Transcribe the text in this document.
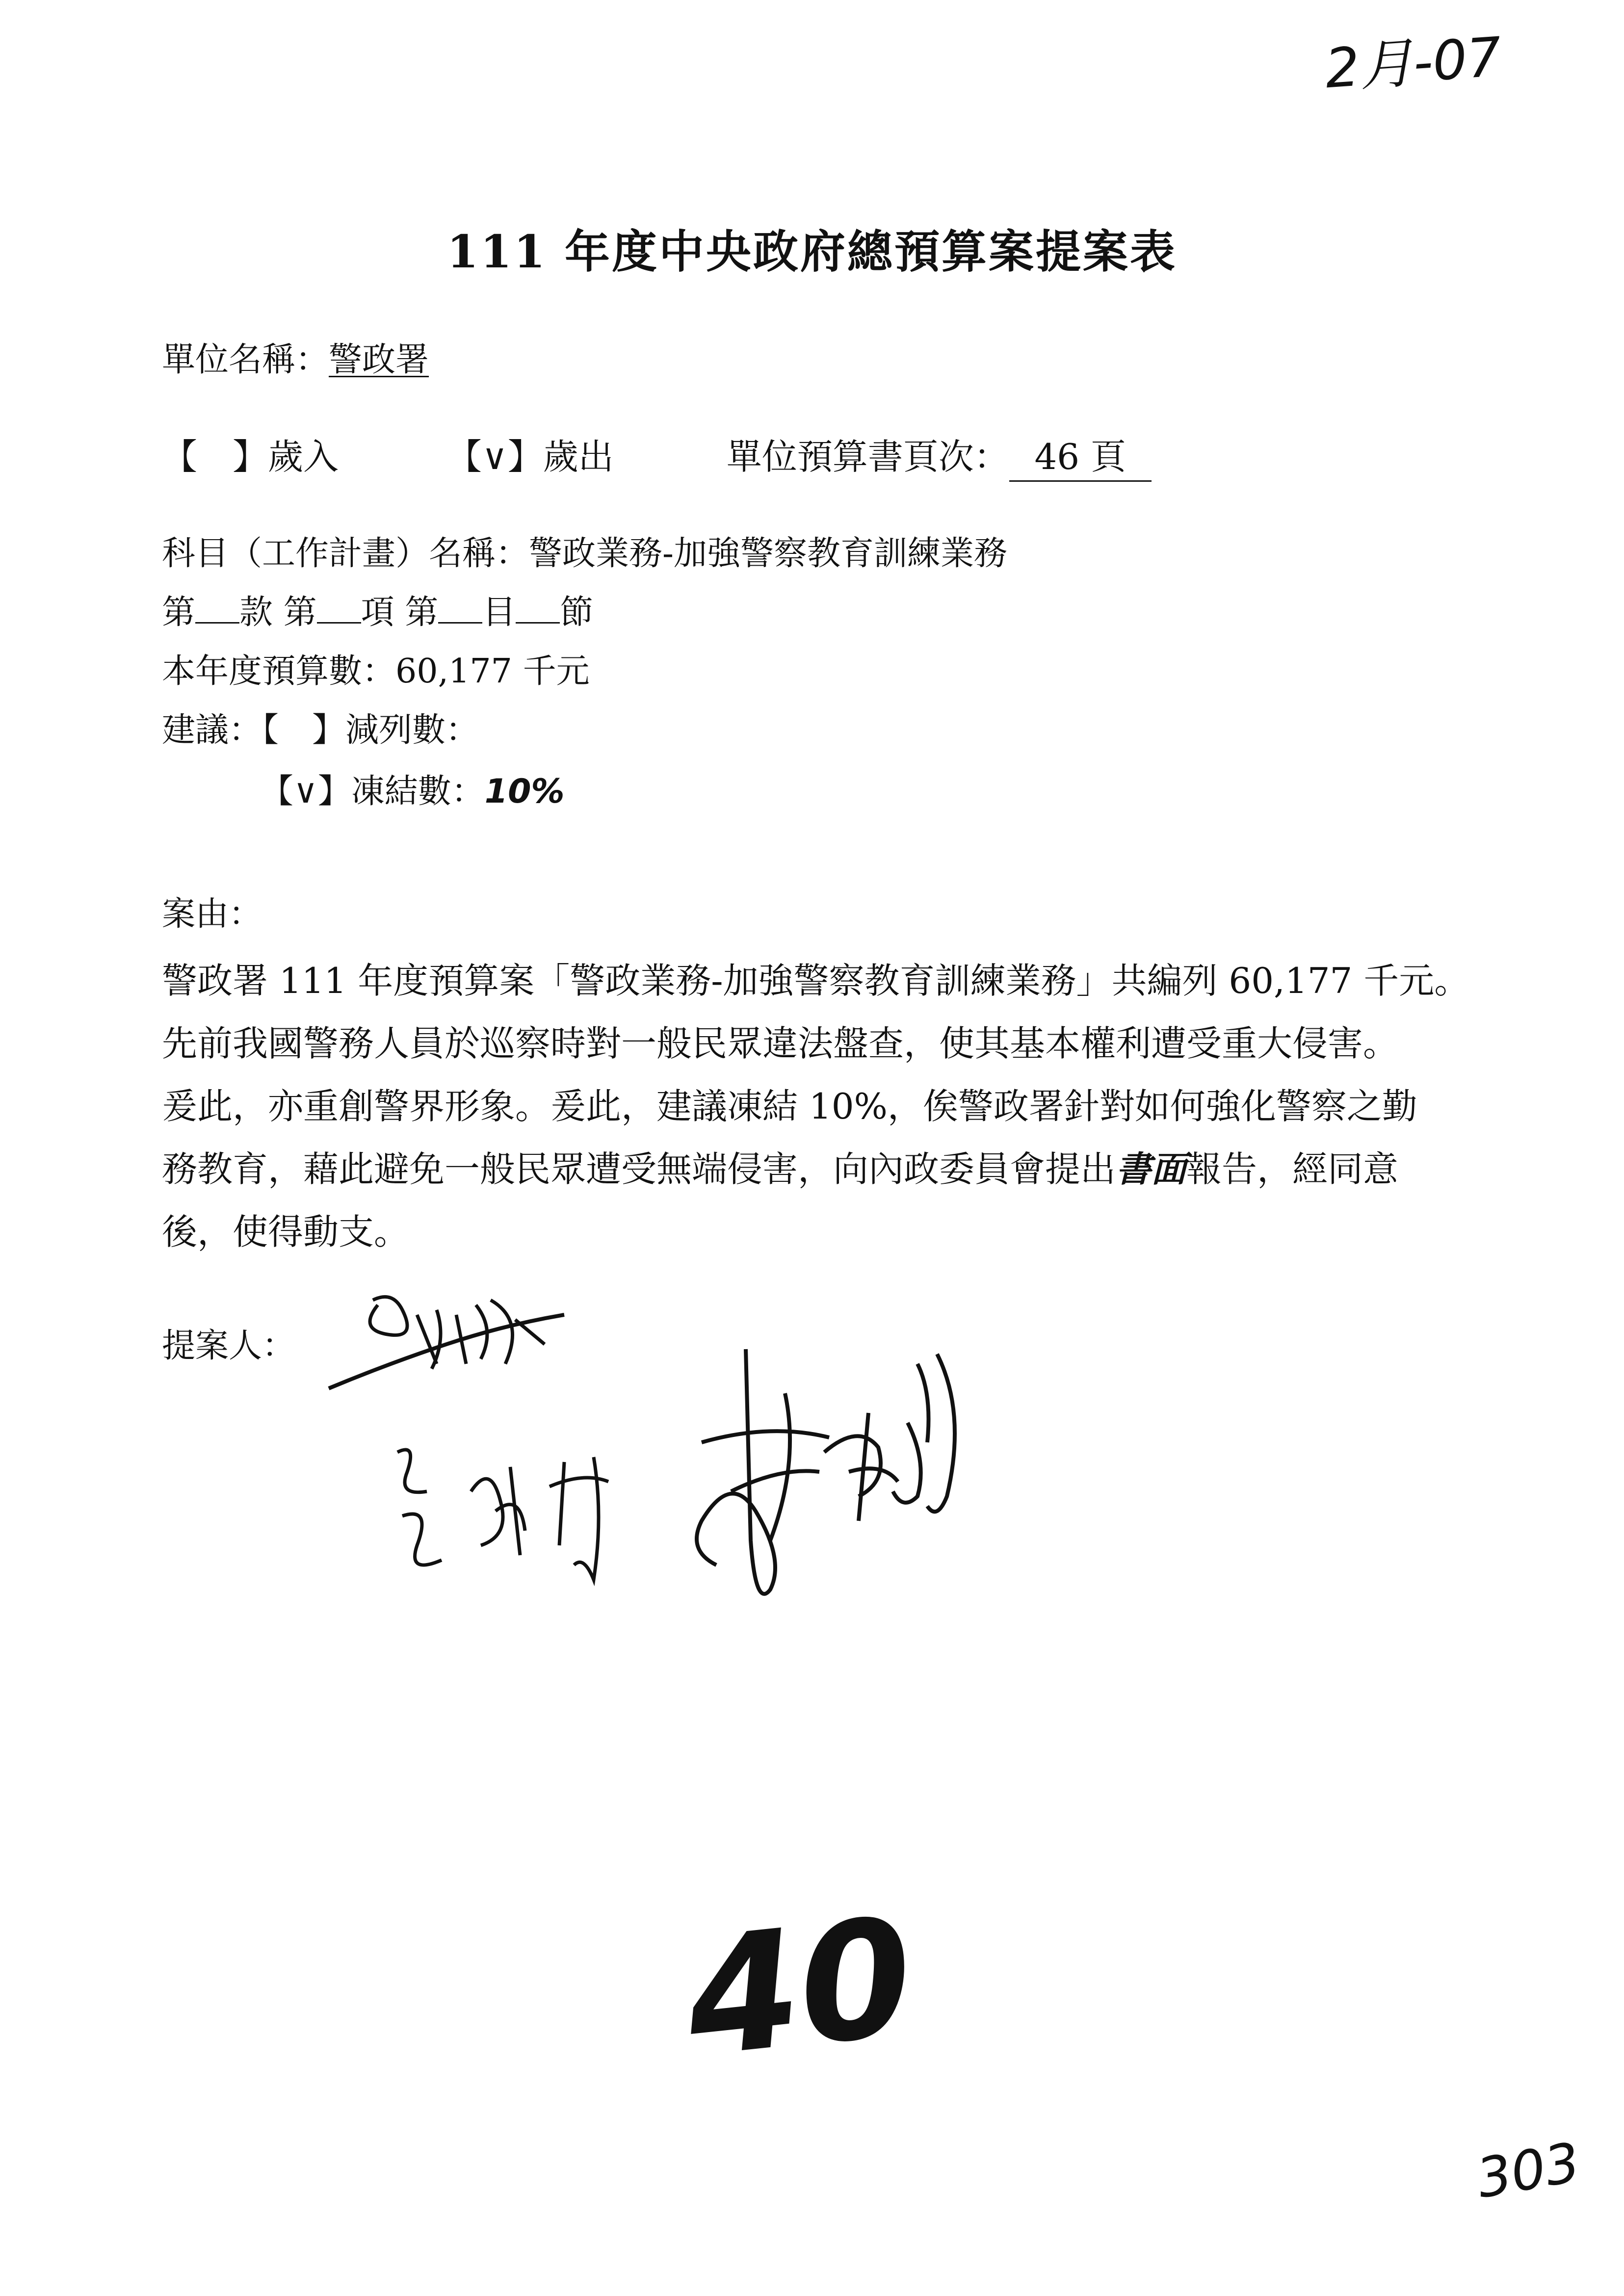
2月-07
111 年度中央政府總預算案提案表
單位名稱：警政署
【　】歲入	【∨】歲出	單位預算書頁次： 46 頁
科目（工作計畫）名稱：警政業務-加強警察教育訓練業務
第 款 第 項 第 目 節
本年度預算數：60,177 千元
建議：【　】減列數：
【∨】凍結數：10%
案由：
警政署 111 年度預算案「警政業務-加強警察教育訓練業務」共編列 60,177 千元。
先前我國警務人員於巡察時對一般民眾違法盤查，使其基本權利遭受重大侵害。
爰此，亦重創警界形象。爰此，建議凍結 10%，俟警政署針對如何強化警察之勤
務教育，藉此避免一般民眾遭受無端侵害，向內政委員會提出書面報告，經同意
後，使得動支。
提案人：
40
303
